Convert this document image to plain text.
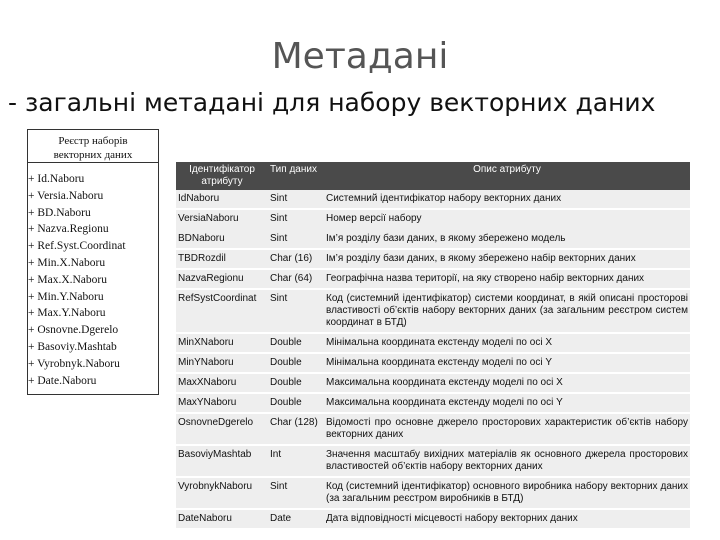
Метадані
- загальні метадані для набору векторних даних
Реєстр наборів
векторних даних
+ Id.Naboru
+ Versia.Naboru
+ BD.Naboru
+ Nazva.Regionu
+ Ref.Syst.Coordinat
+ Min.X.Naboru
+ Max.X.Naboru
+ Min.Y.Naboru
+ Max.Y.Naboru
+ Osnovne.Dgerelo
+ Basoviy.Mashtab
+ Vyrobnyk.Naboru
+ Date.Naboru
Ідентифікатор атрибуту	Тип даних	Опис атрибуту
IdNaboru	Sint	Системний ідентифікатор набору векторних даних
VersiaNaboru	Sint	Номер версії набору
BDNaboru	Sint	Ім’я розділу бази даних, в якому збережено модель
TBDRozdil	Char (16)	Ім’я розділу бази даних, в якому збережено набір векторних даних
NazvaRegionu	Char (64)	Географічна назва території, на яку створено набір векторних даних
RefSystCoordinat	Sint	Код (системний ідентифікатор) системи координат, в якій описані просторові властивості об’єктів набору векторних даних (за загальним реєстром систем координат в БТД)
MinXNaboru	Double	Мінімальна координата екстенду моделі по осі X
MinYNaboru	Double	Мінімальна координата екстенду моделі по осі Y
MaxXNaboru	Double	Максимальна координата екстенду моделі по осі X
MaxYNaboru	Double	Максимальна координата екстенду моделі по осі Y
OsnovneDgerelo	Char (128)	Відомості про основне джерело просторових характеристик об’єктів набору векторних даних
BasoviyMashtab	Int	Значення масштабу вихідних матеріалів як основного джерела просторових властивостей об’єктів набору векторних даних
VyrobnykNaboru	Sint	Код (системний ідентифікатор) основного виробника набору векторних даних (за загальним реєстром виробників в БТД)
DateNaboru	Date	Дата відповідності місцевості набору векторних даних
